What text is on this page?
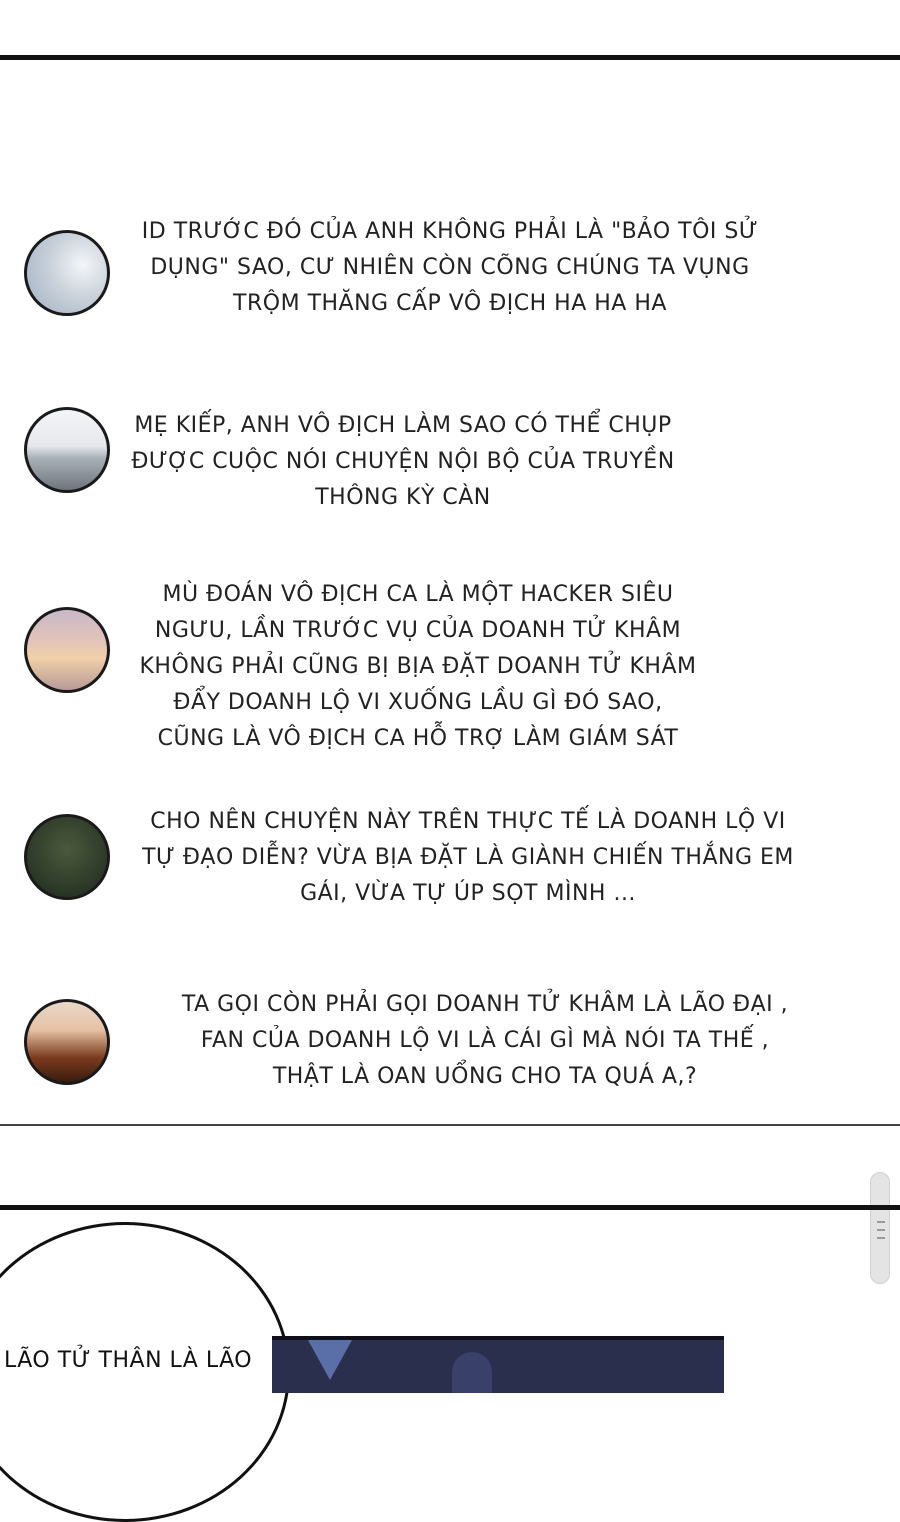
ID TRƯỚC ĐÓ CỦA ANH KHÔNG PHẢI LÀ "BẢO TÔI SỬ
DỤNG" SAO, CƯ NHIÊN CÒN CÕNG CHÚNG TA VỤNG
TRỘM THĂNG CẤP VÔ ĐỊCH HA HA HA
MẸ KIẾP, ANH VÔ ĐỊCH LÀM SAO CÓ THỂ CHỤP
ĐƯỢC CUỘC NÓI CHUYỆN NỘI BỘ CỦA TRUYỀN
THÔNG KỲ CÀN
MÙ ĐOÁN VÔ ĐỊCH CA LÀ MỘT HACKER SIÊU
NGƯU, LẦN TRƯỚC VỤ CỦA DOANH TỬ KHÂM
KHÔNG PHẢI CŨNG BỊ BỊA ĐẶT DOANH TỬ KHÂM
ĐẨY DOANH LỘ VI XUỐNG LẦU GÌ ĐÓ SAO,
CŨNG LÀ VÔ ĐỊCH CA HỖ TRỢ LÀM GIÁM SÁT
CHO NÊN CHUYỆN NÀY TRÊN THỰC TẾ LÀ DOANH LỘ VI
TỰ ĐẠO DIỄN? VỪA BỊA ĐẶT LÀ GIÀNH CHIẾN THẮNG EM
GÁI, VỪA TỰ ÚP SỌT MÌNH ...
TA GỌI CÒN PHẢI GỌI DOANH TỬ KHÂM LÀ LÃO ĐẠI ,
FAN CỦA DOANH LỘ VI LÀ CÁI GÌ MÀ NÓI TA THẾ ,
THẬT LÀ OAN UỔNG CHO TA QUÁ A,?
LÃO TỬ THÂN LÀ LÃO
